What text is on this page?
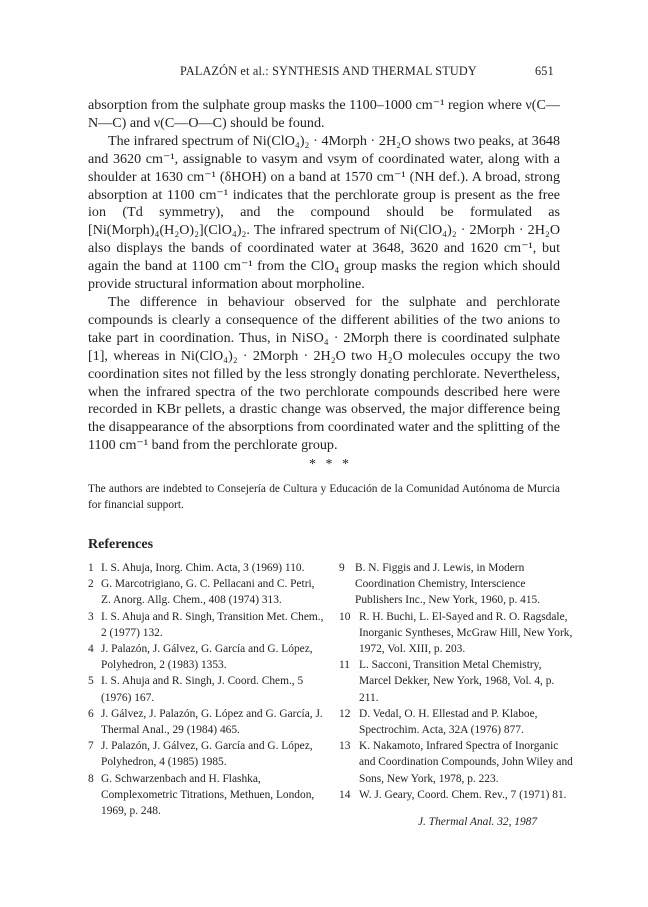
PALAZÓN et al.: SYNTHESIS AND THERMAL STUDY	651

absorption from the sulphate group masks the 1100–1000 cm⁻¹ region where ν(C—N—C) and ν(C—O—C) should be found.

The infrared spectrum of Ni(ClO₄)₂ · 4Morph · 2H₂O shows two peaks, at 3648 and 3620 cm⁻¹, assignable to νasym and νsym of coordinated water, along with a shoulder at 1630 cm⁻¹ (δHOH) on a band at 1570 cm⁻¹ (NH def.). A broad, strong absorption at 1100 cm⁻¹ indicates that the perchlorate group is present as the free ion (Td symmetry), and the compound should be formulated as [Ni(Morph)₄(H₂O)₂](ClO₄)₂. The infrared spectrum of Ni(ClO₄)₂ · 2Morph · 2H₂O also displays the bands of coordinated water at 3648, 3620 and 1620 cm⁻¹, but again the band at 1100 cm⁻¹ from the ClO₄ group masks the region which should provide structural information about morpholine.

The difference in behaviour observed for the sulphate and perchlorate compounds is clearly a consequence of the different abilities of the two anions to take part in coordination. Thus, in NiSO₄ · 2Morph there is coordinated sulphate [1], whereas in Ni(ClO₄)₂ · 2Morph · 2H₂O two H₂O molecules occupy the two coordination sites not filled by the less strongly donating perchlorate. Nevertheless, when the infrared spectra of the two perchlorate compounds described here were recorded in KBr pellets, a drastic change was observed, the major difference being the disappearance of the absorptions from coordinated water and the splitting of the 1100 cm⁻¹ band from the perchlorate group.

* * *
The authors are indebted to Consejería de Cultura y Educación de la Comunidad Autónoma de Murcia for financial support.
References
1 I. S. Ahuja, Inorg. Chim. Acta, 3 (1969) 110.
2 G. Marcotrigiano, G. C. Pellacani and C. Petri, Z. Anorg. Allg. Chem., 408 (1974) 313.
3 I. S. Ahuja and R. Singh, Transition Met. Chem., 2 (1977) 132.
4 J. Palazón, J. Gálvez, G. García and G. López, Polyhedron, 2 (1983) 1353.
5 I. S. Ahuja and R. Singh, J. Coord. Chem., 5 (1976) 167.
6 J. Gálvez, J. Palazón, G. López and G. García, J. Thermal Anal., 29 (1984) 465.
7 J. Palazón, J. Gálvez, G. García and G. López, Polyhedron, 4 (1985) 1985.
8 G. Schwarzenbach and H. Flashka, Complexometric Titrations, Methuen, London, 1969, p. 248.
9 B. N. Figgis and J. Lewis, in Modern Coordination Chemistry, Interscience Publishers Inc., New York, 1960, p. 415.
10 R. H. Buchi, L. El-Sayed and R. O. Ragsdale, Inorganic Syntheses, McGraw Hill, New York, 1972, Vol. XIII, p. 203.
11 L. Sacconi, Transition Metal Chemistry, Marcel Dekker, New York, 1968, Vol. 4, p. 211.
12 D. Vedal, O. H. Ellestad and P. Klaboe, Spectrochim. Acta, 32A (1976) 877.
13 K. Nakamoto, Infrared Spectra of Inorganic and Coordination Compounds, John Wiley and Sons, New York, 1978, p. 223.
14 W. J. Geary, Coord. Chem. Rev., 7 (1971) 81.
J. Thermal Anal. 32, 1987
